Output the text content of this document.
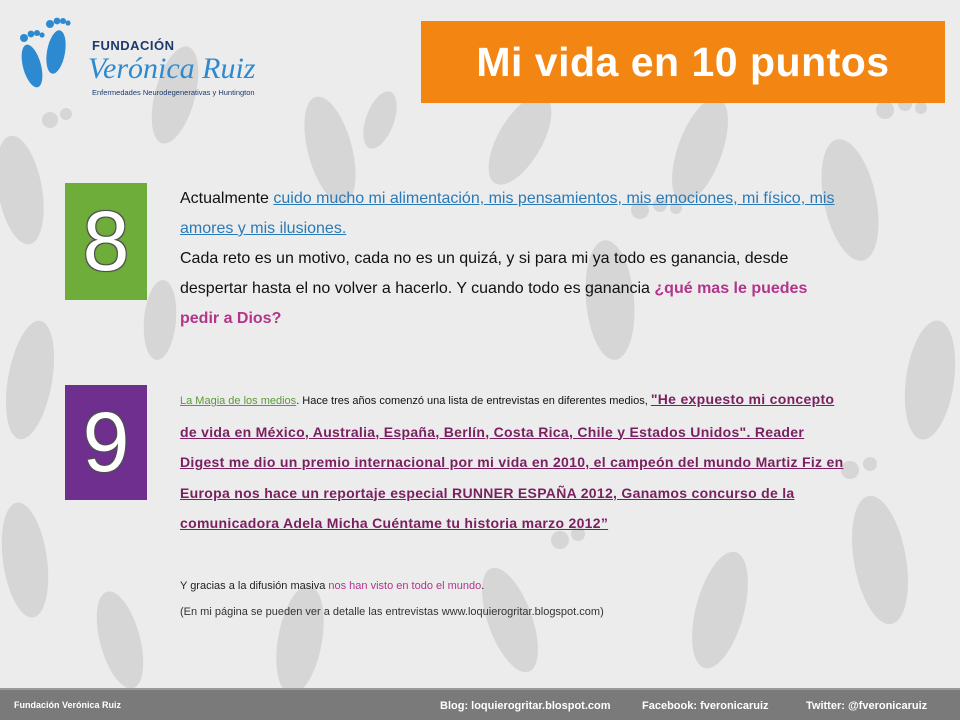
FUNDACIÓN
Verónica Ruiz
Enfermedades Neurodegenerativas y Huntington
Mi vida en 10 puntos
8	Actualmente cuido mucho mi alimentación, mis pensamientos, mis emociones, mi físico, mis amores y mis ilusiones.
Cada reto es un motivo, cada no es un quizá, y si para mi ya todo es ganancia, desde despertar hasta el no volver a hacerlo. Y cuando todo es ganancia ¿qué mas le puedes pedir a Dios?
9	La Magia de los medios. Hace tres años comenzó una lista de entrevistas en diferentes medios, "He expuesto mi concepto de vida en México, Australia, España, Berlín, Costa Rica, Chile y Estados Unidos". Reader Digest me dio un premio internacional por mi vida en 2010, el campeón del mundo Martiz Fiz en Europa nos hace un reportaje especial RUNNER ESPAÑA 2012, Ganamos concurso de la comunicadora Adela Micha Cuéntame tu historia marzo 2012”
Y gracias a la difusión masiva nos han visto en todo el mundo.
(En mi página se pueden ver a detalle las entrevistas www.loquierogritar.blogspot.com)
Fundación Verónica Ruiz	Blog: loquierogritar.blospot.com	Facebook: fveronicaruiz	Twitter: @fveronicaruiz
